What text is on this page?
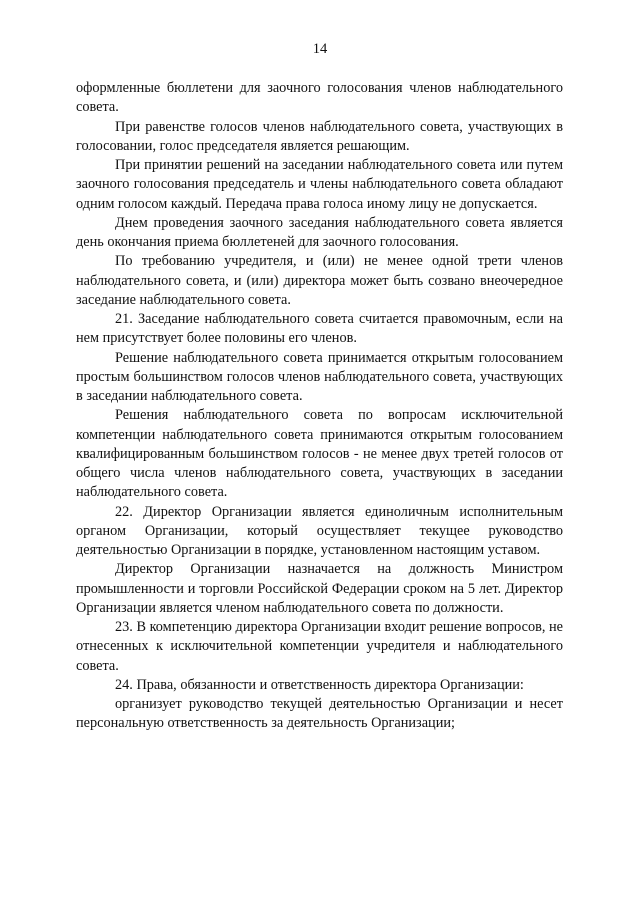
14

оформленные бюллетени для заочного голосования членов наблюдательного совета.

При равенстве голосов членов наблюдательного совета, участвующих в голосовании, голос председателя является решающим.

При принятии решений на заседании наблюдательного совета или путем заочного голосования председатель и члены наблюдательного совета обладают одним голосом каждый. Передача права голоса иному лицу не допускается.

Днем проведения заочного заседания наблюдательного совета является день окончания приема бюллетеней для заочного голосования.

По требованию учредителя, и (или) не менее одной трети членов наблюдательного совета, и (или) директора может быть созвано внеочередное заседание наблюдательного совета.

21. Заседание наблюдательного совета считается правомочным, если на нем присутствует более половины его членов.

Решение наблюдательного совета принимается открытым голосованием простым большинством голосов членов наблюдательного совета, участвующих в заседании наблюдательного совета.

Решения наблюдательного совета по вопросам исключительной компетенции наблюдательного совета принимаются открытым голосованием квалифицированным большинством голосов - не менее двух третей голосов от общего числа членов наблюдательного совета, участвующих в заседании наблюдательного совета.

22. Директор Организации является единоличным исполнительным органом Организации, который осуществляет текущее руководство деятельностью Организации в порядке, установленном настоящим уставом.

Директор Организации назначается на должность Министром промышленности и торговли Российской Федерации сроком на 5 лет. Директор Организации является членом наблюдательного совета по должности.

23. В компетенцию директора Организации входит решение вопросов, не отнесенных к исключительной компетенции учредителя и наблюдательного совета.

24. Права, обязанности и ответственность директора Организации:

организует руководство текущей деятельностью Организации и несет персональную ответственность за деятельность Организации;
